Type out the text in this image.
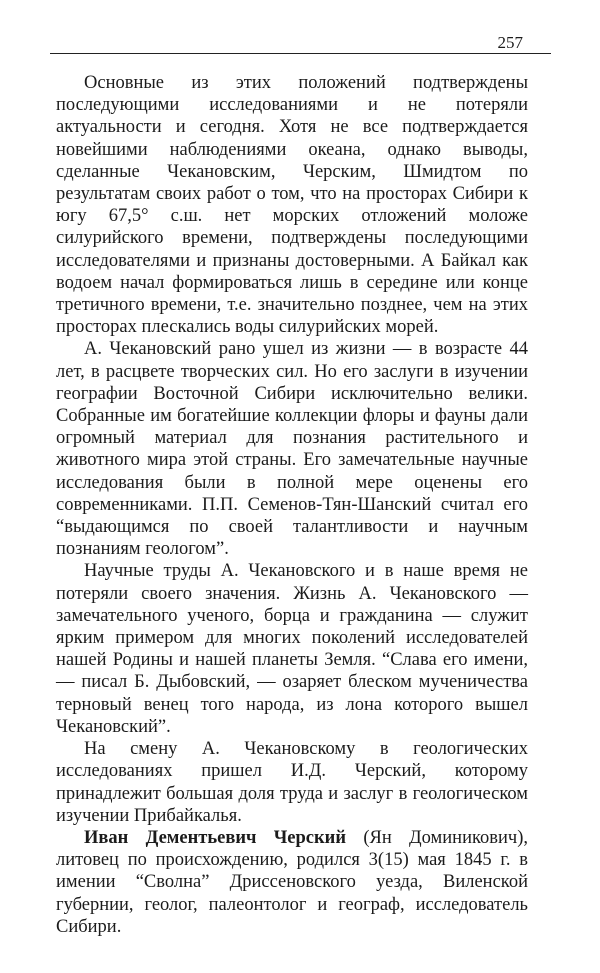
257

Основные из этих положений подтверждены последующими исследованиями и не потеряли актуальности и сегодня. Хотя не все подтверждается новейшими наблюдениями океана, однако выводы, сделанные Чекановским, Черским, Шмидтом по результатам своих работ о том, что на просторах Сибири к югу 67,5° с.ш. нет морских отложений моложе силурийского времени, подтверждены последующими исследователями и признаны достоверными. А Байкал как водоем начал формироваться лишь в середине или конце третичного времени, т.е. значительно позднее, чем на этих просторах плескались воды силурийских морей.

А. Чекановский рано ушел из жизни — в возрасте 44 лет, в расцвете творческих сил. Но его заслуги в изучении географии Восточной Сибири исключительно велики. Собранные им богатейшие коллекции флоры и фауны дали огромный материал для познания растительного и животного мира этой страны. Его замечательные научные исследования были в полной мере оценены его современниками. П.П. Семенов-Тян-Шанский считал его “выдающимся по своей талантливости и научным познаниям геологом”.

Научные труды А. Чекановского и в наше время не потеряли своего значения. Жизнь А. Чекановского — замечательного ученого, борца и гражданина — служит ярким примером для многих поколений исследователей нашей Родины и нашей планеты Земля. “Слава его имени, — писал Б. Дыбовский, — озаряет блеском мученичества терновый венец того народа, из лона которого вышел Чекановский”.

На смену А. Чекановскому в геологических исследованиях пришел И.Д. Черский, которому принадлежит большая доля труда и заслуг в геологическом изучении Прибайкалья.

Иван Дементьевич Черский (Ян Доминикович), литовец по происхождению, родился 3(15) мая 1845 г. в имении “Сволна” Дриссеновского уезда, Виленской губернии, геолог, палеонтолог и географ, исследователь Сибири.
